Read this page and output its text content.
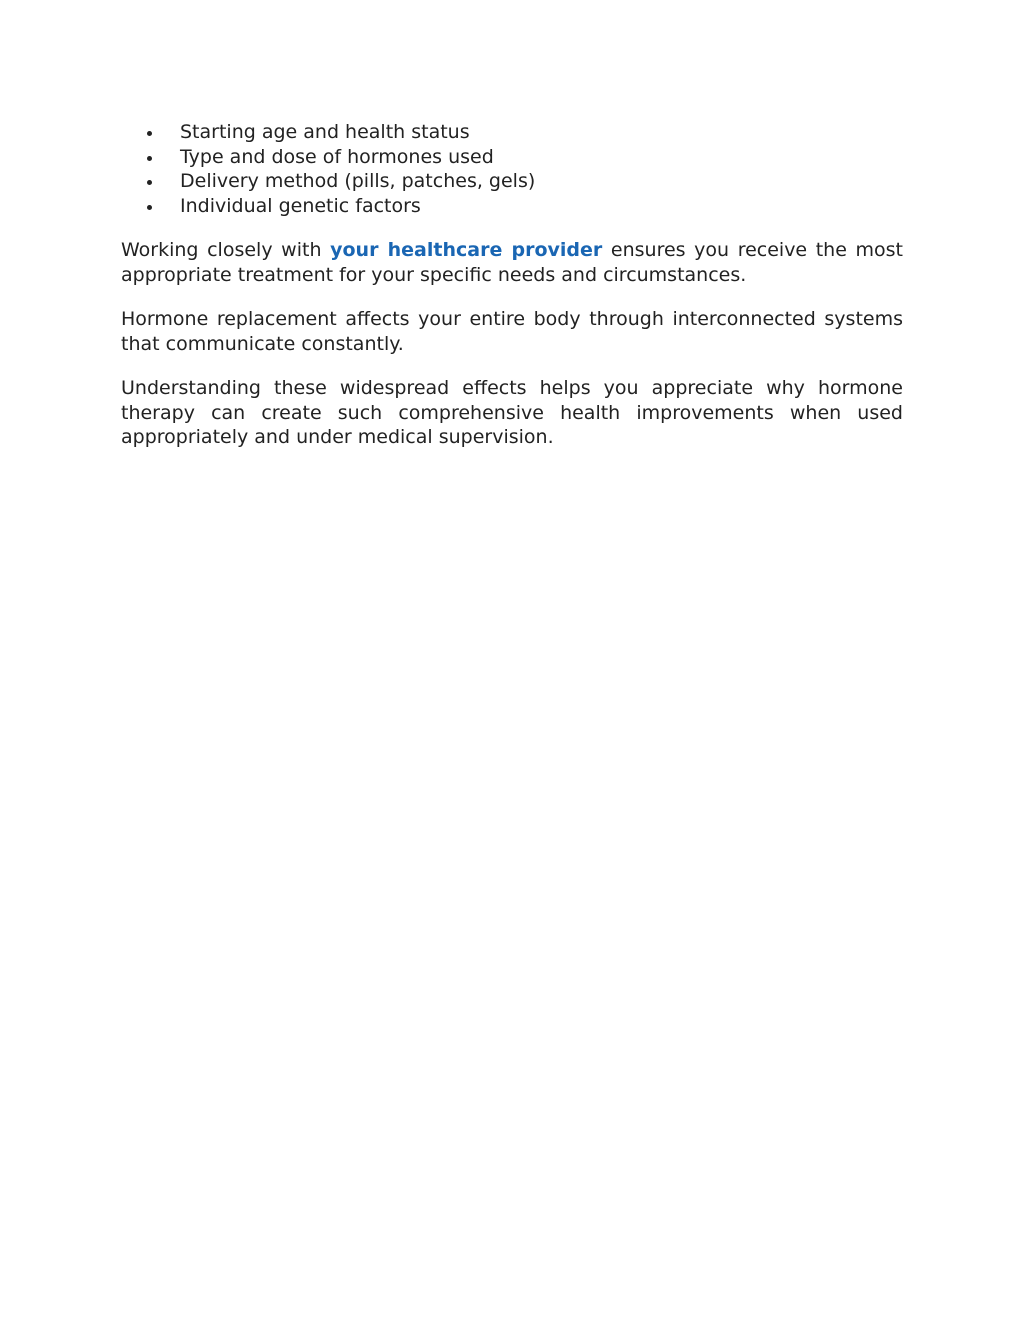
Starting age and health status
Type and dose of hormones used
Delivery method (pills, patches, gels)
Individual genetic factors

Working closely with your healthcare provider ensures you receive the most appropriate treatment for your specific needs and circumstances.

Hormone replacement affects your entire body through interconnected systems that communicate constantly.

Understanding these widespread effects helps you appreciate why hormone therapy can create such comprehensive health improvements when used appropriately and under medical supervision.
